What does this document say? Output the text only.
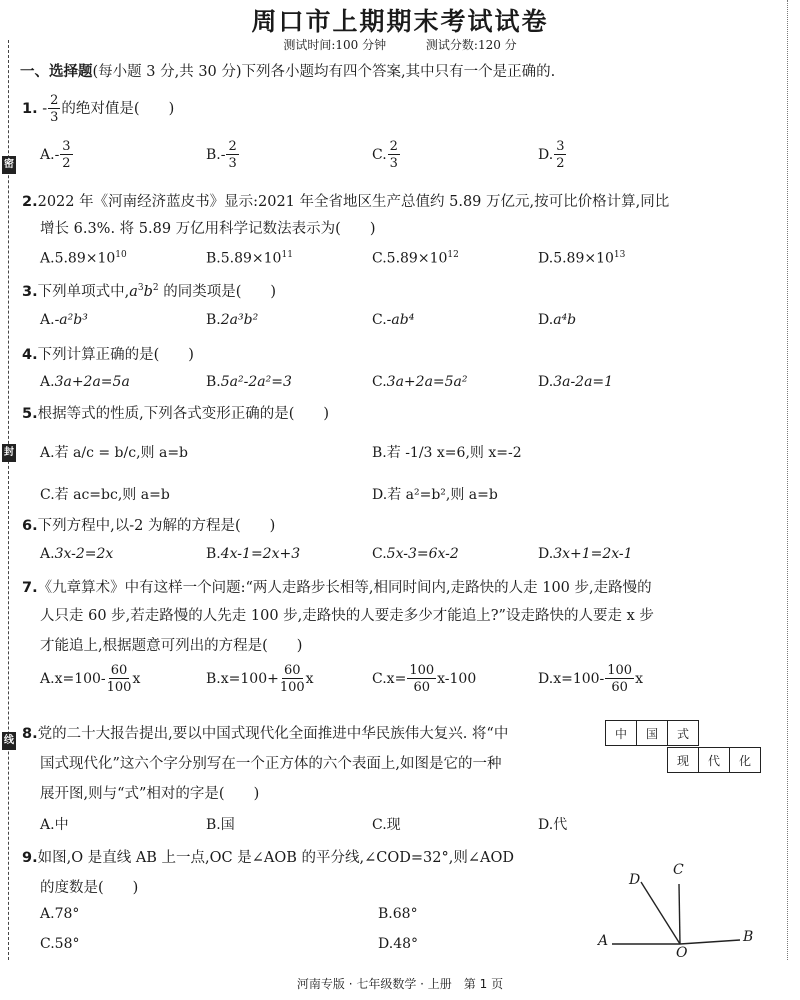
密
封
线
周口市上期期末考试试卷
测试时间:100 分钟	测试分数:120 分
一、选择题(每小题 3 分,共 30 分)下列各小题均有四个答案,其中只有一个是正确的.
1. - $\frac{2}{3}$ 的绝对值是(　　)
$A.- \frac{3}{2}$	$B.- \frac{2}{3}$	C. $\frac{2}{3}$	D. $\frac{3}{2}$
2.2022 年《河南经济蓝皮书》显示:2021 年全省地区生产总值约 5.89 万亿元,按可比价格计算,同比
增长 6.3%. 将 5.89 万亿用科学记数法表示为(　　)
$A.5.89\times 10^{10}$	$B.5.89\times 10^{11}$	$C.5.89\times 10^{12}$	$D.5.89\times 10^{13}$
3.下列单项式中$,a^3b^2$ 的同类项是(　　)
A.-a²b³	B.2a³b²	C.-ab⁴	D.a⁴b
4.下列计算正确的是(　　)
A.3a+2a=5a	B.5a²-2a²=3	C.3a+2a=5a²	D.3a-2a=1
5.根据等式的性质,下列各式变形正确的是(　　)
A.若 a/c = b/c,则 a=b	B.若 -1/3 x=6,则 x=-2
C.若 ac=bc,则 a=b	D.若 a²=b²,则 a=b
6.下列方程中,以-2 为解的方程是(　　)
A.3x-2=2x	B.4x-1=2x+3	C.5x-3=6x-2	D.3x+1=2x-1
7.《九章算术》中有这样一个问题:“两人走路步长相等,相同时间内,走路快的人走 100 步,走路慢的
人只走 60 步,若走路慢的人先走 100 步,走路快的人要走多少才能追上?”设走路快的人要走 x 步
才能追上,根据题意可列出的方程是(　　)
$A.x=100- \frac{60}{100}$ x	$B.x=100+ \frac{60}{100}$ x	$C.x= \frac{100}{60} x-100$	$D.x=100- \frac{100}{60}$ x
8.党的二十大报告提出,要以中国式现代化全面推进中华民族伟大复兴. 将“中
国式现代化”这六个字分别写在一个正方体的六个表面上,如图是它的一种
展开图,则与“式”相对的字是(　　)
中	国	式
现	代	化
A.中	B.国	C.现	D.代
9.如图,O 是直线 AB 上一点,OC 是∠AOB 的平分线,∠COD=32°,则∠AOD
的度数是(　　)
A.78°	B.68°
C.58°	D.48°	A	B
C
D
O
河南专版 · 七年级数学 · 上册　第 1 页
